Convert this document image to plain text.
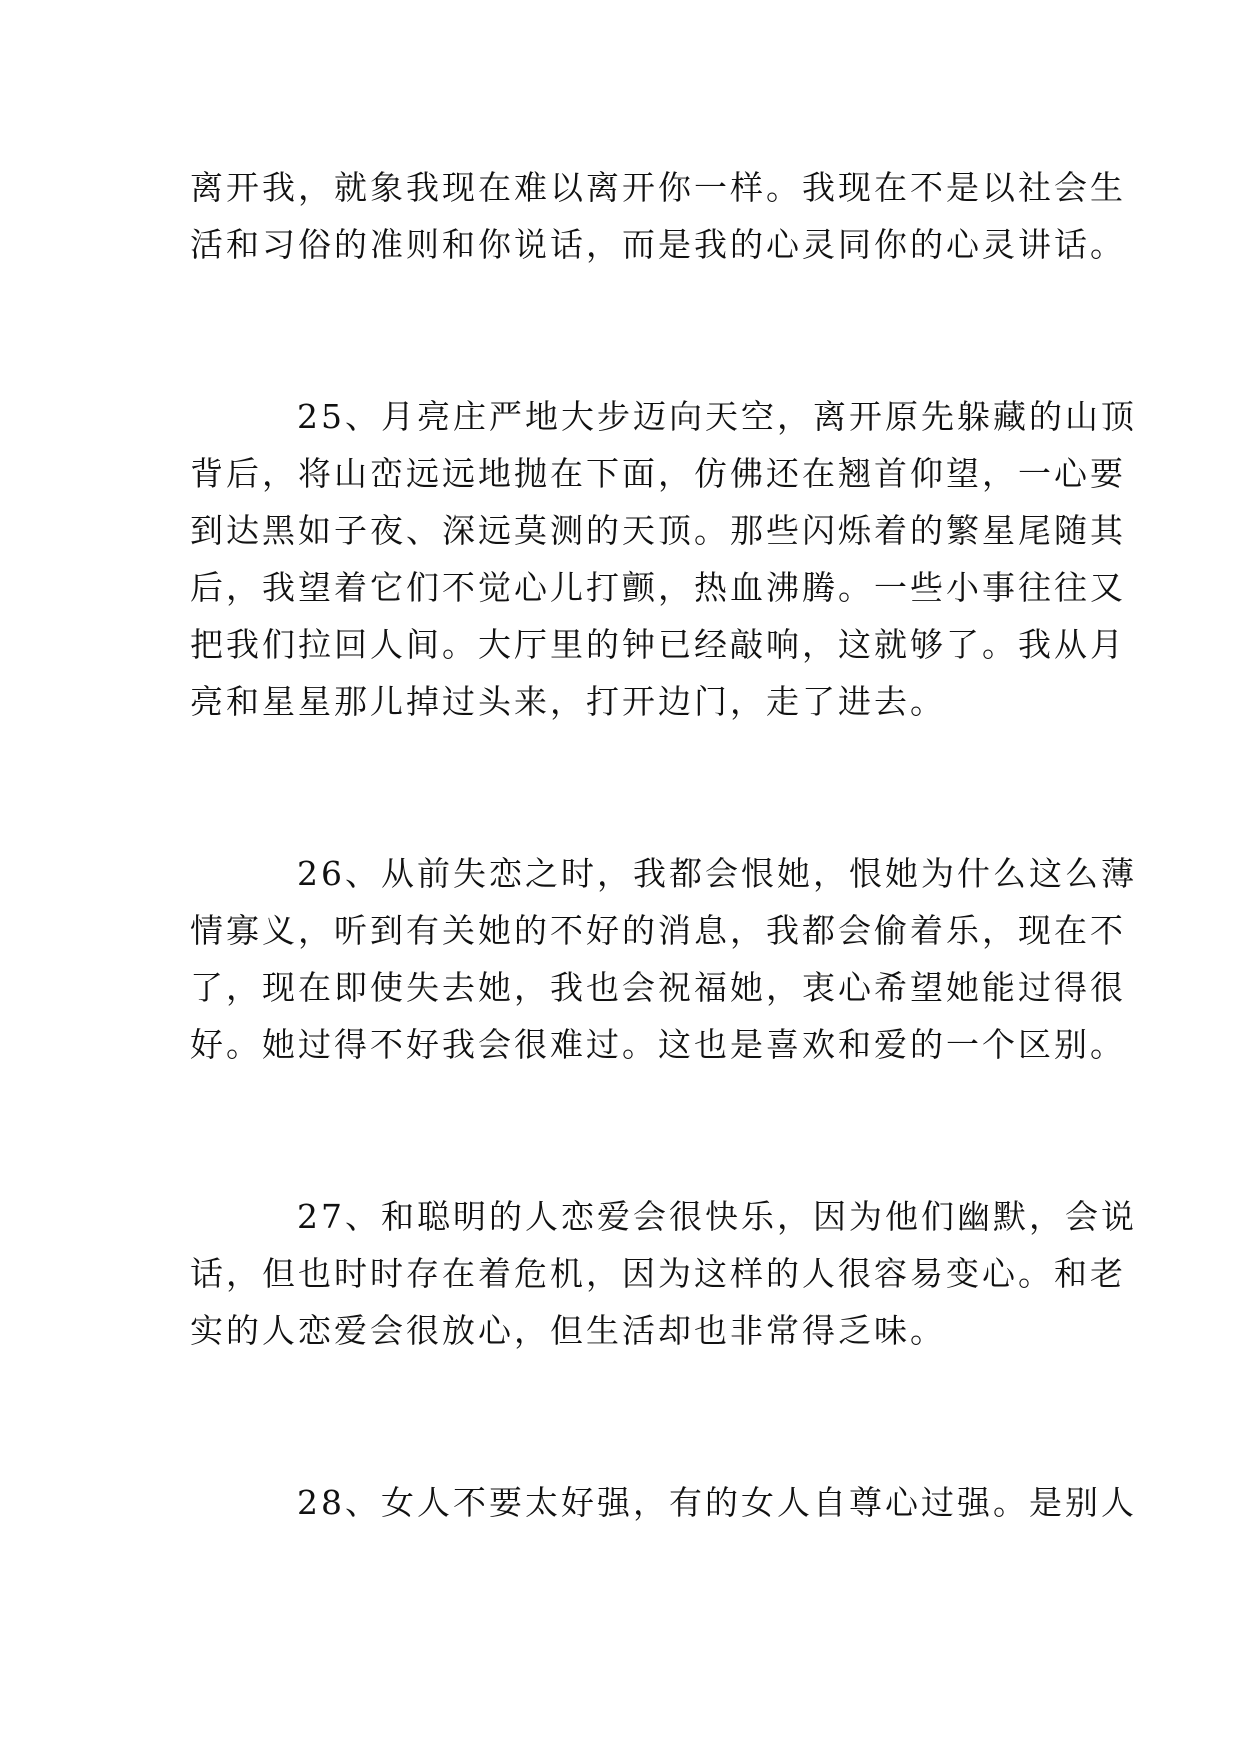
离开我，就象我现在难以离开你一样。我现在不是以社会生
活和习俗的准则和你说话，而是我的心灵同你的心灵讲话。
25、月亮庄严地大步迈向天空，离开原先躲藏的山顶
背后，将山峦远远地抛在下面，仿佛还在翘首仰望，一心要
到达黑如子夜、深远莫测的天顶。那些闪烁着的繁星尾随其
后，我望着它们不觉心儿打颤，热血沸腾。一些小事往往又
把我们拉回人间。大厅里的钟已经敲响，这就够了。我从月
亮和星星那儿掉过头来，打开边门，走了进去。
26、从前失恋之时，我都会恨她，恨她为什么这么薄
情寡义，听到有关她的不好的消息，我都会偷着乐，现在不
了，现在即使失去她，我也会祝福她，衷心希望她能过得很
好。她过得不好我会很难过。这也是喜欢和爱的一个区别。
27、和聪明的人恋爱会很快乐，因为他们幽默，会说
话，但也时时存在着危机，因为这样的人很容易变心。和老
实的人恋爱会很放心，但生活却也非常得乏味。
28、女人不要太好强，有的女人自尊心过强。是别人
